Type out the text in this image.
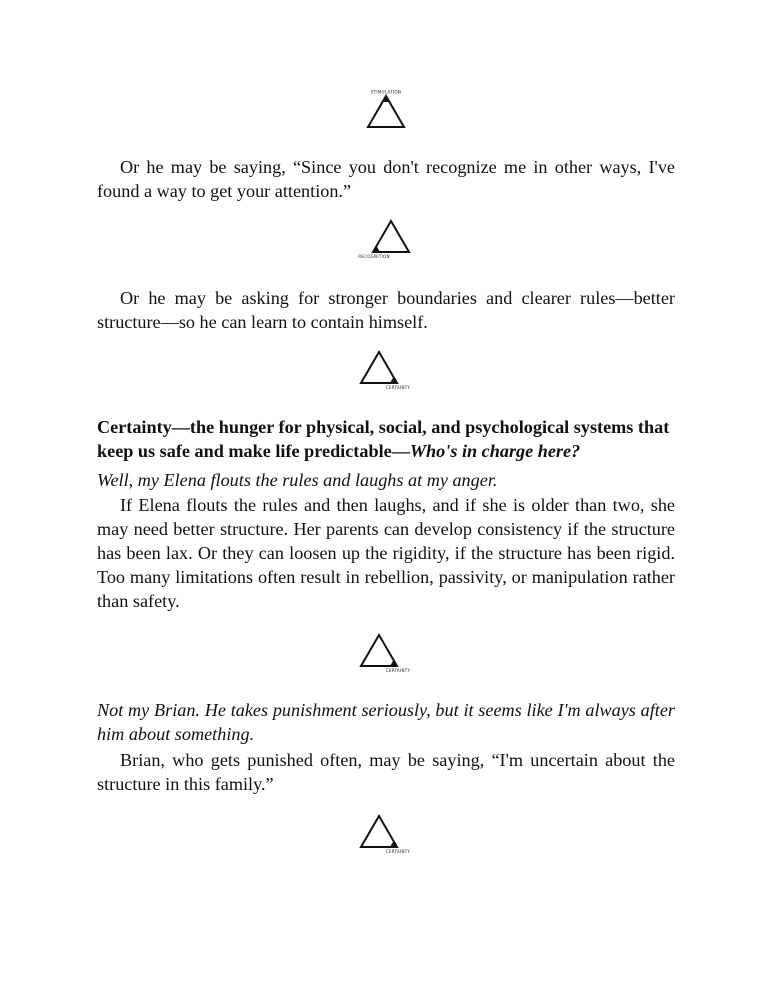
STIMULATION

Or he may be saying, “Since you don't recognize me in other ways, I've found a way to get your attention.”

RECOGNITION

Or he may be asking for stronger boundaries and clearer rules—better structure—so he can learn to contain himself.

CERTAINTY

Certainty—the hunger for physical, social, and psychological systems that keep us safe and make life predictable—Who's in charge here?

Well, my Elena flouts the rules and laughs at my anger.

If Elena flouts the rules and then laughs, and if she is older than two, she may need better structure. Her parents can develop consistency if the structure has been lax. Or they can loosen up the rigidity, if the structure has been rigid. Too many limitations often result in rebellion, passivity, or manipulation rather than safety.

CERTAINTY

Not my Brian. He takes punishment seriously, but it seems like I'm always after him about something.

Brian, who gets punished often, may be saying, “I'm uncertain about the structure in this family.”

CERTAINTY
